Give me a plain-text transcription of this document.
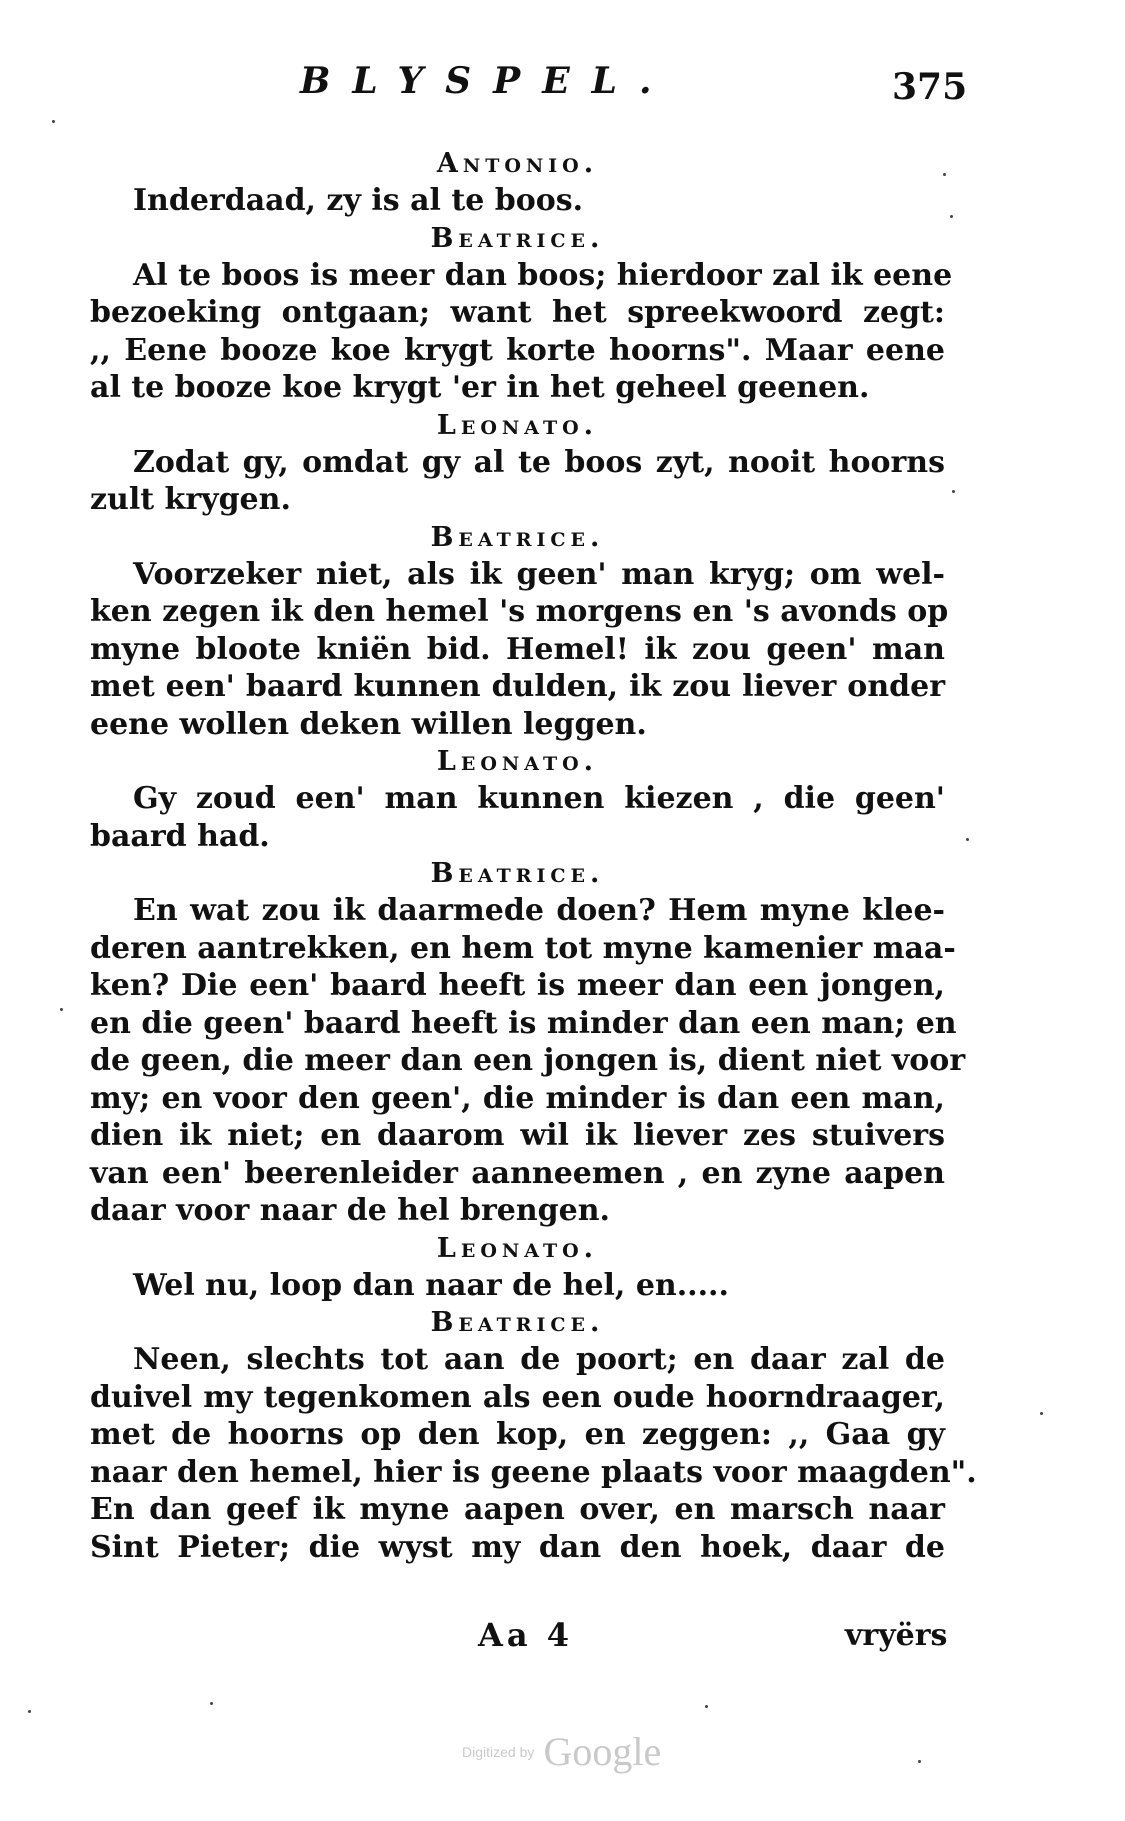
BLYSPEL.	375
Antonio.
Inderdaad, zy is al te boos.
Beatrice.
Al te boos is meer dan boos; hierdoor zal ik eene
bezoeking ontgaan; want het spreekwoord zegt:
,, Eene booze koe krygt korte hoorns". Maar eene
al te booze koe krygt 'er in het geheel geenen.
Leonato.
Zodat gy, omdat gy al te boos zyt, nooit hoorns
zult krygen.
Beatrice.
Voorzeker niet, als ik geen' man kryg; om wel-
ken zegen ik den hemel 's morgens en 's avonds op
myne bloote kniën bid. Hemel! ik zou geen' man
met een' baard kunnen dulden, ik zou liever onder
eene wollen deken willen leggen.
Leonato.
Gy zoud een' man kunnen kiezen , die geen'
baard had.
Beatrice.
En wat zou ik daarmede doen? Hem myne klee-
deren aantrekken, en hem tot myne kamenier maa-
ken? Die een' baard heeft is meer dan een jongen,
en die geen' baard heeft is minder dan een man; en
de geen, die meer dan een jongen is, dient niet voor
my; en voor den geen', die minder is dan een man,
dien ik niet; en daarom wil ik liever zes stuivers
van een' beerenleider aanneemen , en zyne aapen
daar voor naar de hel brengen.
Leonato.
Wel nu, loop dan naar de hel, en.....
Beatrice.
Neen, slechts tot aan de poort; en daar zal de
duivel my tegenkomen als een oude hoorndraager,
met de hoorns op den kop, en zeggen: ,, Gaa gy
naar den hemel, hier is geene plaats voor maagden".
En dan geef ik myne aapen over, en marsch naar
Sint Pieter; die wyst my dan den hoek, daar de
Aa 4	vryërs
Digitized by Google
